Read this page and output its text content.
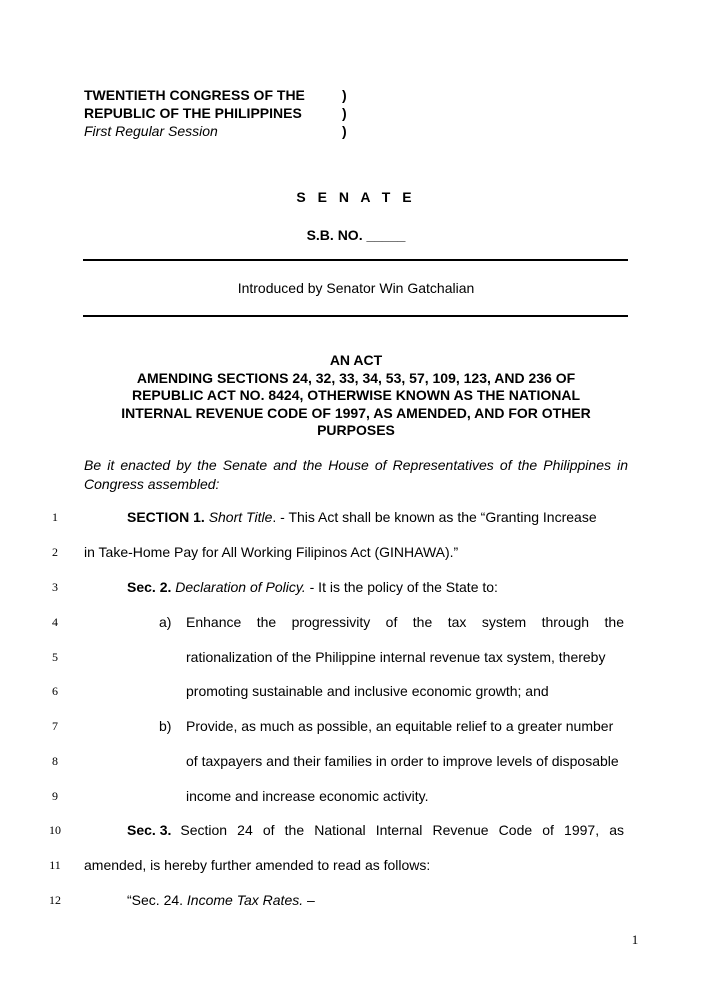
TWENTIETH CONGRESS OF THE	)
REPUBLIC OF THE PHILIPPINES	)
First Regular Session	)
S E N A T E
S.B. NO. _____
Introduced by Senator Win Gatchalian
AN ACT
AMENDING SECTIONS 24, 32, 33, 34, 53, 57, 109, 123, AND 236 OF
REPUBLIC ACT NO. 8424, OTHERWISE KNOWN AS THE NATIONAL
INTERNAL REVENUE CODE OF 1997, AS AMENDED, AND FOR OTHER
PURPOSES
Be it enacted by the Senate and the House of Representatives of the Philippines in Congress assembled:
1
2
3
4
5
6
7
8
9
10
11
12
SECTION 1. Short Title. - This Act shall be known as the “Granting Increase
in Take-Home Pay for All Working Filipinos Act (GINHAWA).”
Sec. 2. Declaration of Policy. - It is the policy of the State to:
a) Enhance the progressivity of the tax system through the
rationalization of the Philippine internal revenue tax system, thereby
promoting sustainable and inclusive economic growth; and
b) Provide, as much as possible, an equitable relief to a greater number
of taxpayers and their families in order to improve levels of disposable
income and increase economic activity.
Sec. 3. Section 24 of the National Internal Revenue Code of 1997, as
amended, is hereby further amended to read as follows:
“Sec. 24. Income Tax Rates. –
1
